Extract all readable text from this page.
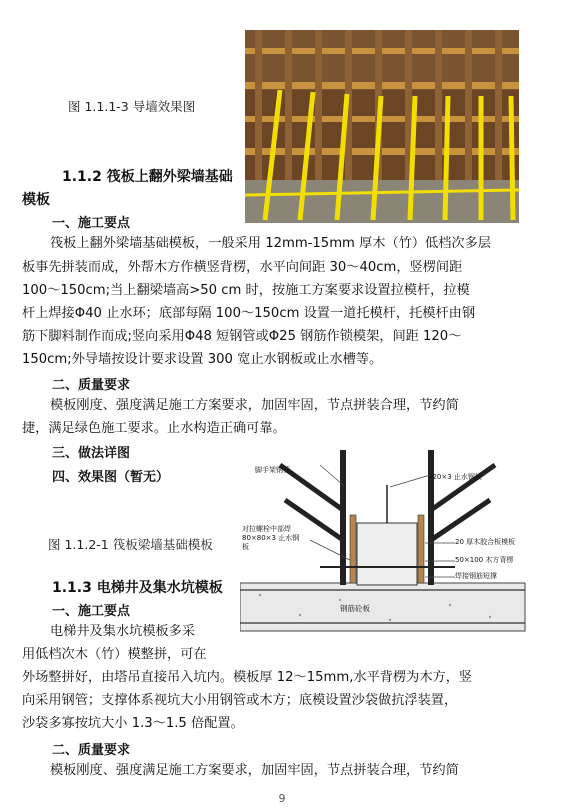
图 1.1.1-3 导墙效果图
1.1.2 筏板上翻外梁墙基础
模板
一、施工要点
筏板上翻外梁墙基础模板，一般采用 12mm-15mm 厚木（竹）低档次多层
板事先拼装而成，外帮木方作横竖背楞，水平向间距 30～40cm，竖楞间距
100～150cm;当上翻梁墙高>50 cm 时，按施工方案要求设置拉模杆，拉模
杆上焊接Φ40 止水环；底部每隔 100～150cm 设置一道托模杆，托模杆由钢
筋下脚料制作而成;竖向采用Φ48 短钢管或Φ25 钢筋作锁模架，间距 120～
150cm;外导墙按设计要求设置 300 宽止水钢板或止水槽等。
二、质量要求
模板刚度、强度满足施工方案要求，加固牢固，节点拼装合理，节约简
捷，满足绿色施工要求。止水构造正确可靠。
三、做法详图
四、效果图（暂无）
图 1.1.2-1 筏板梁墙基础模板
脚手架钢管
420×3 止水钢板
对拉螺栓中部焊
80×80×3 止水钢
板
20 厚木胶合板模板
50×100 木方背楞
焊接钢筋短撑
钢筋砼板
1.1.3 电梯井及集水坑模板
一、施工要点
电梯井及集水坑模板多采
用低档次木（竹）模整拼，可在
外场整拼好，由塔吊直接吊入坑内。模板厚 12～15mm,水平背楞为木方，竖
向采用钢管；支撑体系视坑大小用钢管或木方；底模设置沙袋做抗浮装置，
沙袋多寡按坑大小 1.3～1.5 倍配置。
二、质量要求
模板刚度、强度满足施工方案要求，加固牢固，节点拼装合理，节约简
9
